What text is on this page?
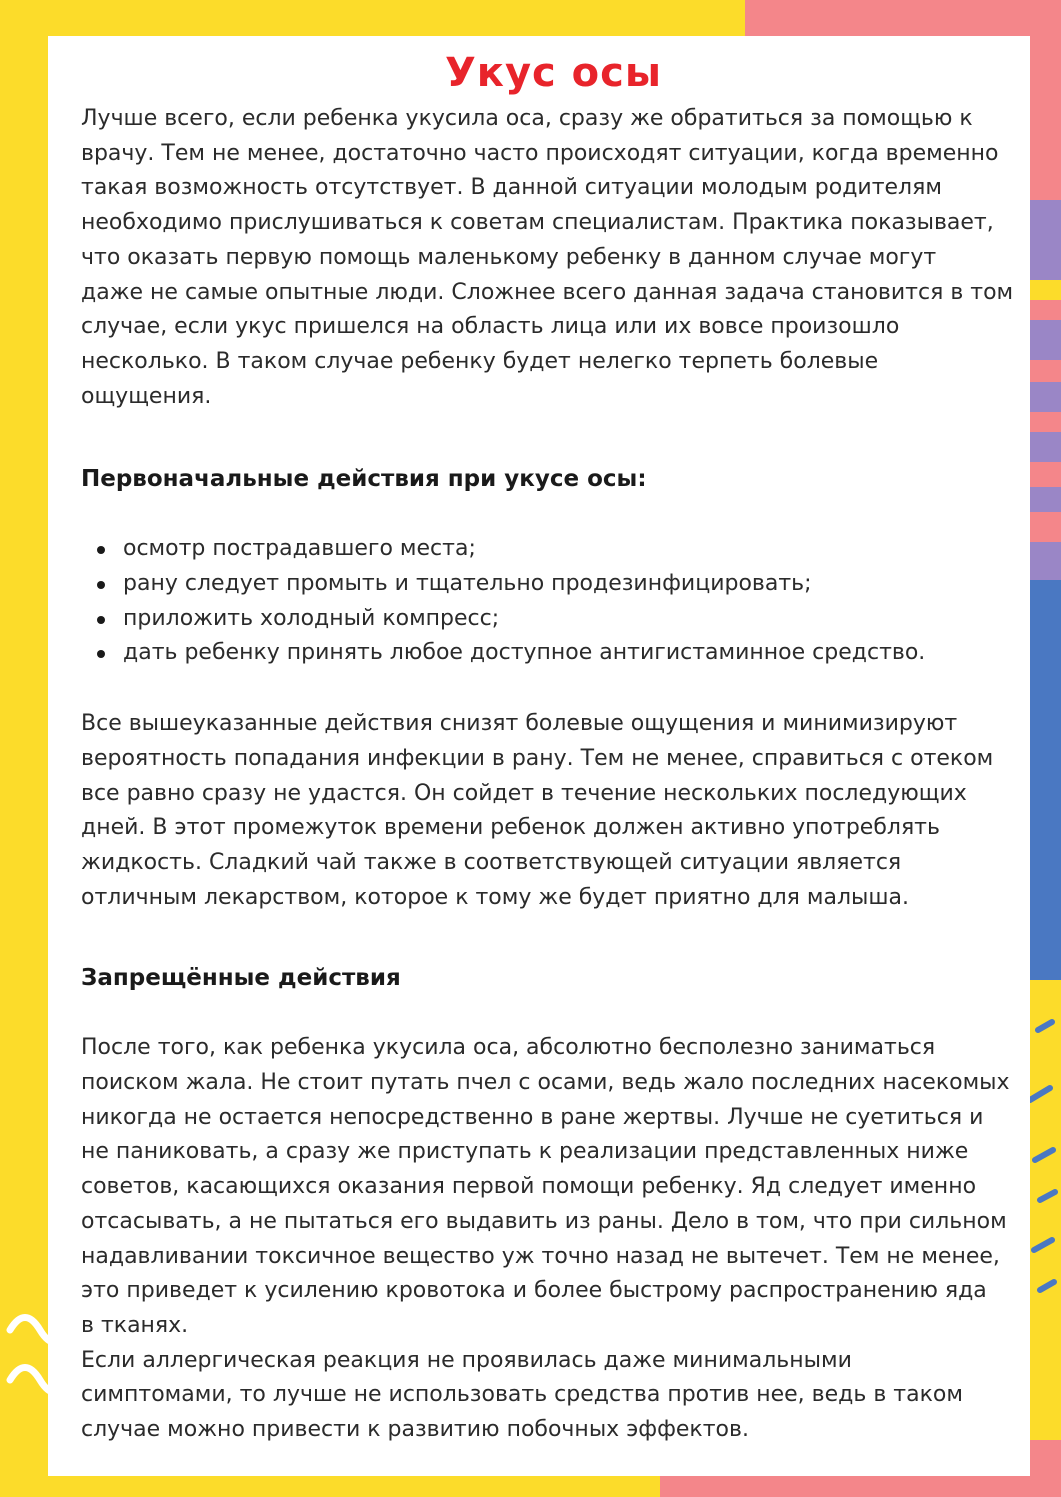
Укус осы

Лучше всего, если ребенка укусила оса, сразу же обратиться за помощью к
врачу. Тем не менее, достаточно часто происходят ситуации, когда временно
такая возможность отсутствует. В данной ситуации молодым родителям
необходимо прислушиваться к советам специалистам. Практика показывает,
что оказать первую помощь маленькому ребенку в данном случае могут
даже не самые опытные люди. Сложнее всего данная задача становится в том
случае, если укус пришелся на область лица или их вовсе произошло
несколько. В таком случае ребенку будет нелегко терпеть болевые
ощущения.

Первоначальные действия при укусе осы:
осмотр пострадавшего места;
рану следует промыть и тщательно продезинфицировать;
приложить холодный компресс;
дать ребенку принять любое доступное антигистаминное средство.

Все вышеуказанные действия снизят болевые ощущения и минимизируют
вероятность попадания инфекции в рану. Тем не менее, справиться с отеком
все равно сразу не удастся. Он сойдет в течение нескольких последующих
дней. В этот промежуток времени ребенок должен активно употреблять
жидкость. Сладкий чай также в соответствующей ситуации является
отличным лекарством, которое к тому же будет приятно для малыша.

Запрещённые действия

После того, как ребенка укусила оса, абсолютно бесполезно заниматься
поиском жала. Не стоит путать пчел с осами, ведь жало последних насекомых
никогда не остается непосредственно в ране жертвы. Лучше не суетиться и
не паниковать, а сразу же приступать к реализации представленных ниже
советов, касающихся оказания первой помощи ребенку. Яд следует именно
отсасывать, а не пытаться его выдавить из раны. Дело в том, что при сильном
надавливании токсичное вещество уж точно назад не вытечет. Тем не менее,
это приведет к усилению кровотока и более быстрому распространению яда
в тканях.

Если аллергическая реакция не проявилась даже минимальными
симптомами, то лучше не использовать средства против нее, ведь в таком
случае можно привести к развитию побочных эффектов.
